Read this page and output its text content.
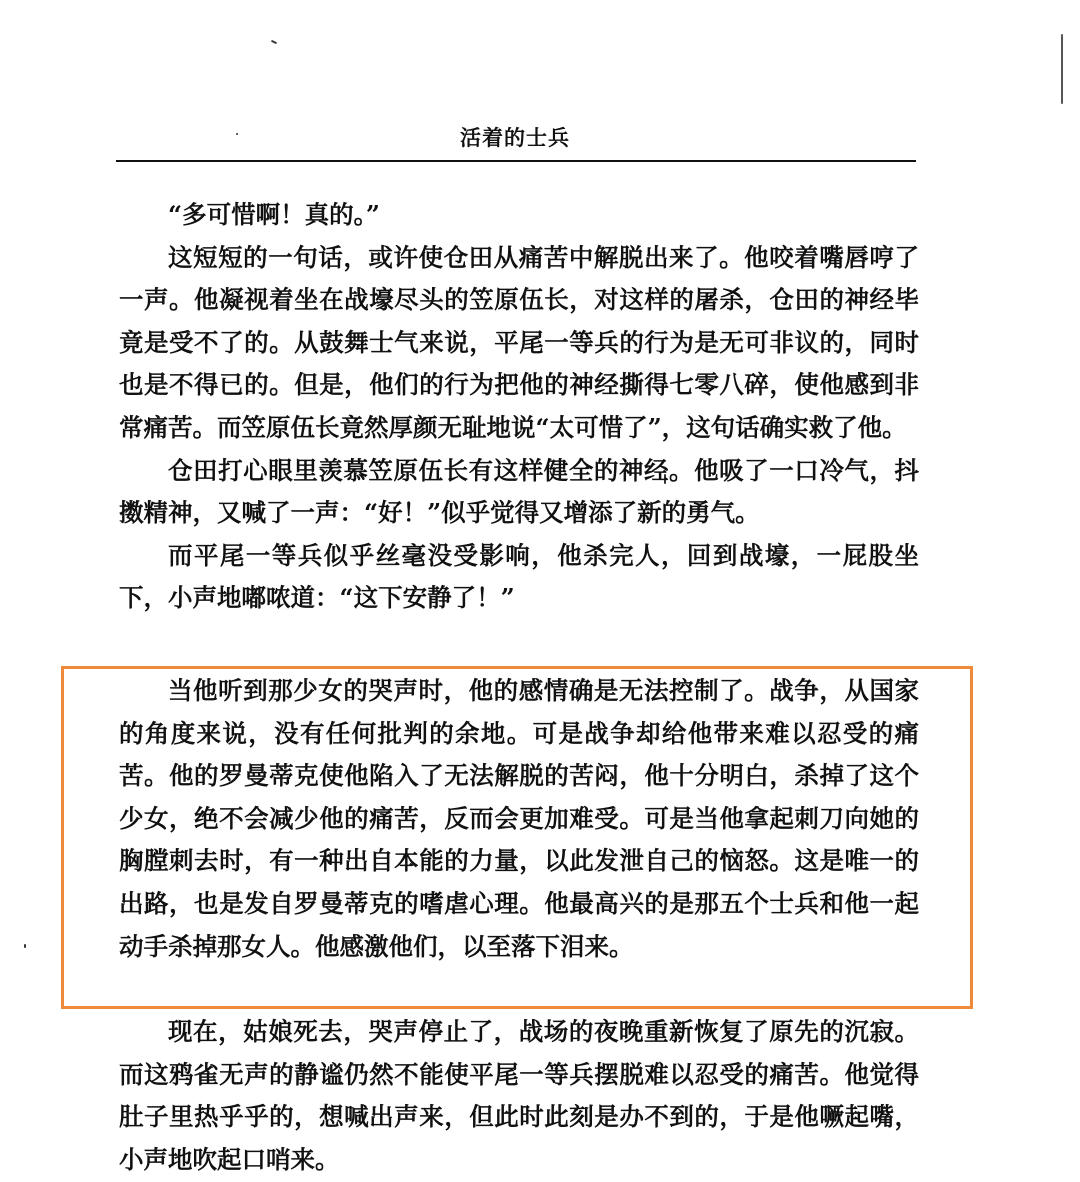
活着的士兵

“多可惜啊！真的。”

这短短的一句话，或许使仓田从痛苦中解脱出来了。他咬着嘴唇哼了一声。他凝视着坐在战壕尽头的笠原伍长，对这样的屠杀，仓田的神经毕竟是受不了的。从鼓舞士气来说，平尾一等兵的行为是无可非议的，同时也是不得已的。但是，他们的行为把他的神经撕得七零八碎，使他感到非常痛苦。而笠原伍长竟然厚颜无耻地说“太可惜了”，这句话确实救了他。

仓田打心眼里羡慕笠原伍长有这样健全的神经。他吸了一口冷气，抖擞精神，又喊了一声：“好！”似乎觉得又增添了新的勇气。

而平尾一等兵似乎丝毫没受影响，他杀完人，回到战壕，一屁股坐下，小声地嘟哝道：“这下安静了！”

当他听到那少女的哭声时，他的感情确是无法控制了。战争，从国家的角度来说，没有任何批判的余地。可是战争却给他带来难以忍受的痛苦。他的罗曼蒂克使他陷入了无法解脱的苦闷，他十分明白，杀掉了这个少女，绝不会减少他的痛苦，反而会更加难受。可是当他拿起刺刀向她的胸膛刺去时，有一种出自本能的力量，以此发泄自己的恼怒。这是唯一的出路，也是发自罗曼蒂克的嗜虐心理。他最高兴的是那五个士兵和他一起动手杀掉那女人。他感激他们，以至落下泪来。

现在，姑娘死去，哭声停止了，战场的夜晚重新恢复了原先的沉寂。而这鸦雀无声的静谧仍然不能使平尾一等兵摆脱难以忍受的痛苦。他觉得肚子里热乎乎的，想喊出声来，但此时此刻是办不到的，于是他噘起嘴，小声地吹起口哨来。
